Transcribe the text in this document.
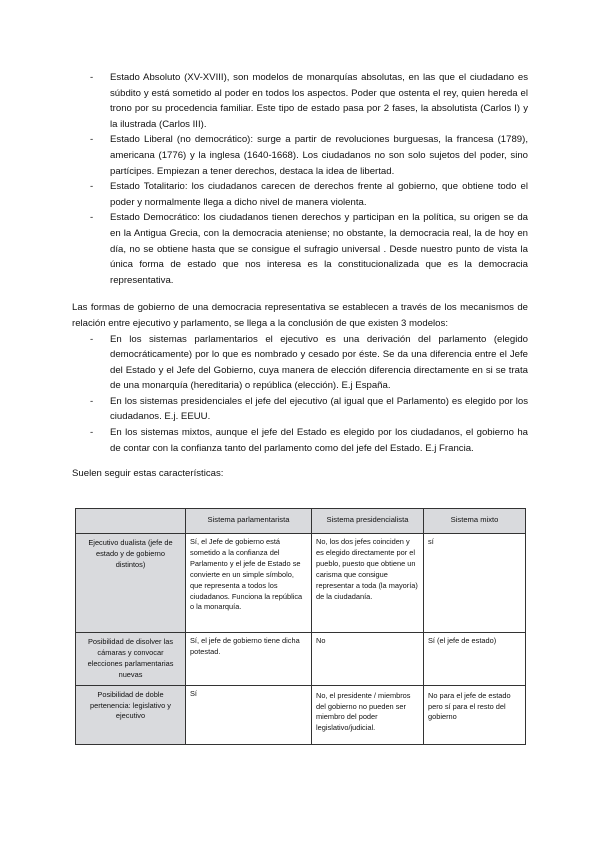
- Estado Absoluto (XV-XVIII), son modelos de monarquías absolutas, en las que el ciudadano es súbdito y está sometido al poder en todos los aspectos. Poder que ostenta el rey, quien hereda el trono por su procedencia familiar. Este tipo de estado pasa por 2 fases, la absolutista (Carlos I) y la ilustrada (Carlos III).
- Estado Liberal (no democrático): surge a partir de revoluciones burguesas, la francesa (1789), americana (1776) y la inglesa (1640-1668). Los ciudadanos no son solo sujetos del poder, sino partícipes. Empiezan a tener derechos, destaca la idea de libertad.
- Estado Totalitario: los ciudadanos carecen de derechos frente al gobierno, que obtiene todo el poder y normalmente llega a dicho nivel de manera violenta.
- Estado Democrático: los ciudadanos tienen derechos y participan en la política, su origen se da en la Antigua Grecia, con la democracia ateniense; no obstante, la democracia real, la de hoy en día, no se obtiene hasta que se consigue el sufragio universal . Desde nuestro punto de vista la única forma de estado que nos interesa es la constitucionalizada que es la democracia representativa.

Las formas de gobierno de una democracia representativa se establecen a través de los mecanismos de relación entre ejecutivo y parlamento, se llega a la conclusión de que existen 3 modelos:

- En los sistemas parlamentarios el ejecutivo es una derivación del parlamento (elegido democráticamente) por lo que es nombrado y cesado por éste. Se da una diferencia entre el Jefe del Estado y el Jefe del Gobierno, cuya manera de elección diferencia directamente en si se trata de una monarquía (hereditaria) o república (elección). E.j España.
- En los sistemas presidenciales el jefe del ejecutivo (al igual que el Parlamento) es elegido por los ciudadanos. E.j. EEUU.
- En los sistemas mixtos, aunque el jefe del Estado es elegido por los ciudadanos, el gobierno ha de contar con la confianza tanto del parlamento como del jefe del Estado. E.j Francia.

Suelen seguir estas características:

	Sistema parlamentarista	Sistema presidencialista	Sistema mixto
Ejecutivo dualista (jefe de estado y de gobierno distintos)	Sí, el Jefe de gobierno está sometido a la confianza del Parlamento y el jefe de Estado se convierte en un simple símbolo, que representa a todos los ciudadanos. Funciona la república o la monarquía.	No, los dos jefes coinciden y es elegido directamente por el pueblo, puesto que obtiene un carisma que consigue representar a toda (la mayoría) de la ciudadanía.	sí
Posibilidad de disolver las cámaras y convocar elecciones parlamentarias nuevas	Sí, el jefe de gobierno tiene dicha potestad.	No	Sí (el jefe de estado)
Posibilidad de doble pertenencia: legislativo y ejecutivo	Sí	No, el presidente / miembros del gobierno no pueden ser miembro del poder legislativo/judicial.	No para el jefe de estado pero sí para el resto del gobierno
